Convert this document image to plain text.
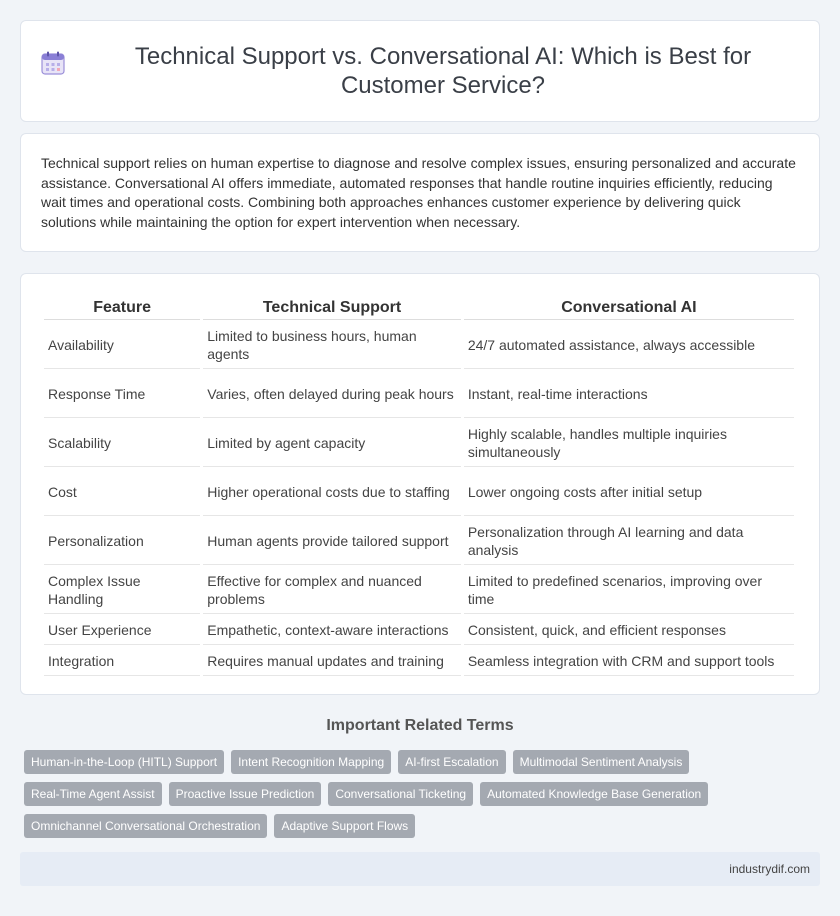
Technical Support vs. Conversational AI: Which is Best for Customer Service?

Technical support relies on human expertise to diagnose and resolve complex issues, ensuring personalized and accurate assistance. Conversational AI offers immediate, automated responses that handle routine inquiries efficiently, reducing wait times and operational costs. Combining both approaches enhances customer experience by delivering quick solutions while maintaining the option for expert intervention when necessary.

Feature	Technical Support	Conversational AI
Availability	Limited to business hours, human agents	24/7 automated assistance, always accessible
Response Time	Varies, often delayed during peak hours	Instant, real-time interactions
Scalability	Limited by agent capacity	Highly scalable, handles multiple inquiries simultaneously
Cost	Higher operational costs due to staffing	Lower ongoing costs after initial setup
Personalization	Human agents provide tailored support	Personalization through AI learning and data analysis
Complex Issue Handling	Effective for complex and nuanced problems	Limited to predefined scenarios, improving over time
User Experience	Empathetic, context-aware interactions	Consistent, quick, and efficient responses
Integration	Requires manual updates and training	Seamless integration with CRM and support tools
Important Related Terms
Human-in-the-Loop (HITL) Support	Intent Recognition Mapping	AI-first Escalation	Multimodal Sentiment Analysis
Real-Time Agent Assist	Proactive Issue Prediction	Conversational Ticketing	Automated Knowledge Base Generation
Omnichannel Conversational Orchestration	Adaptive Support Flows
industrydif.com
